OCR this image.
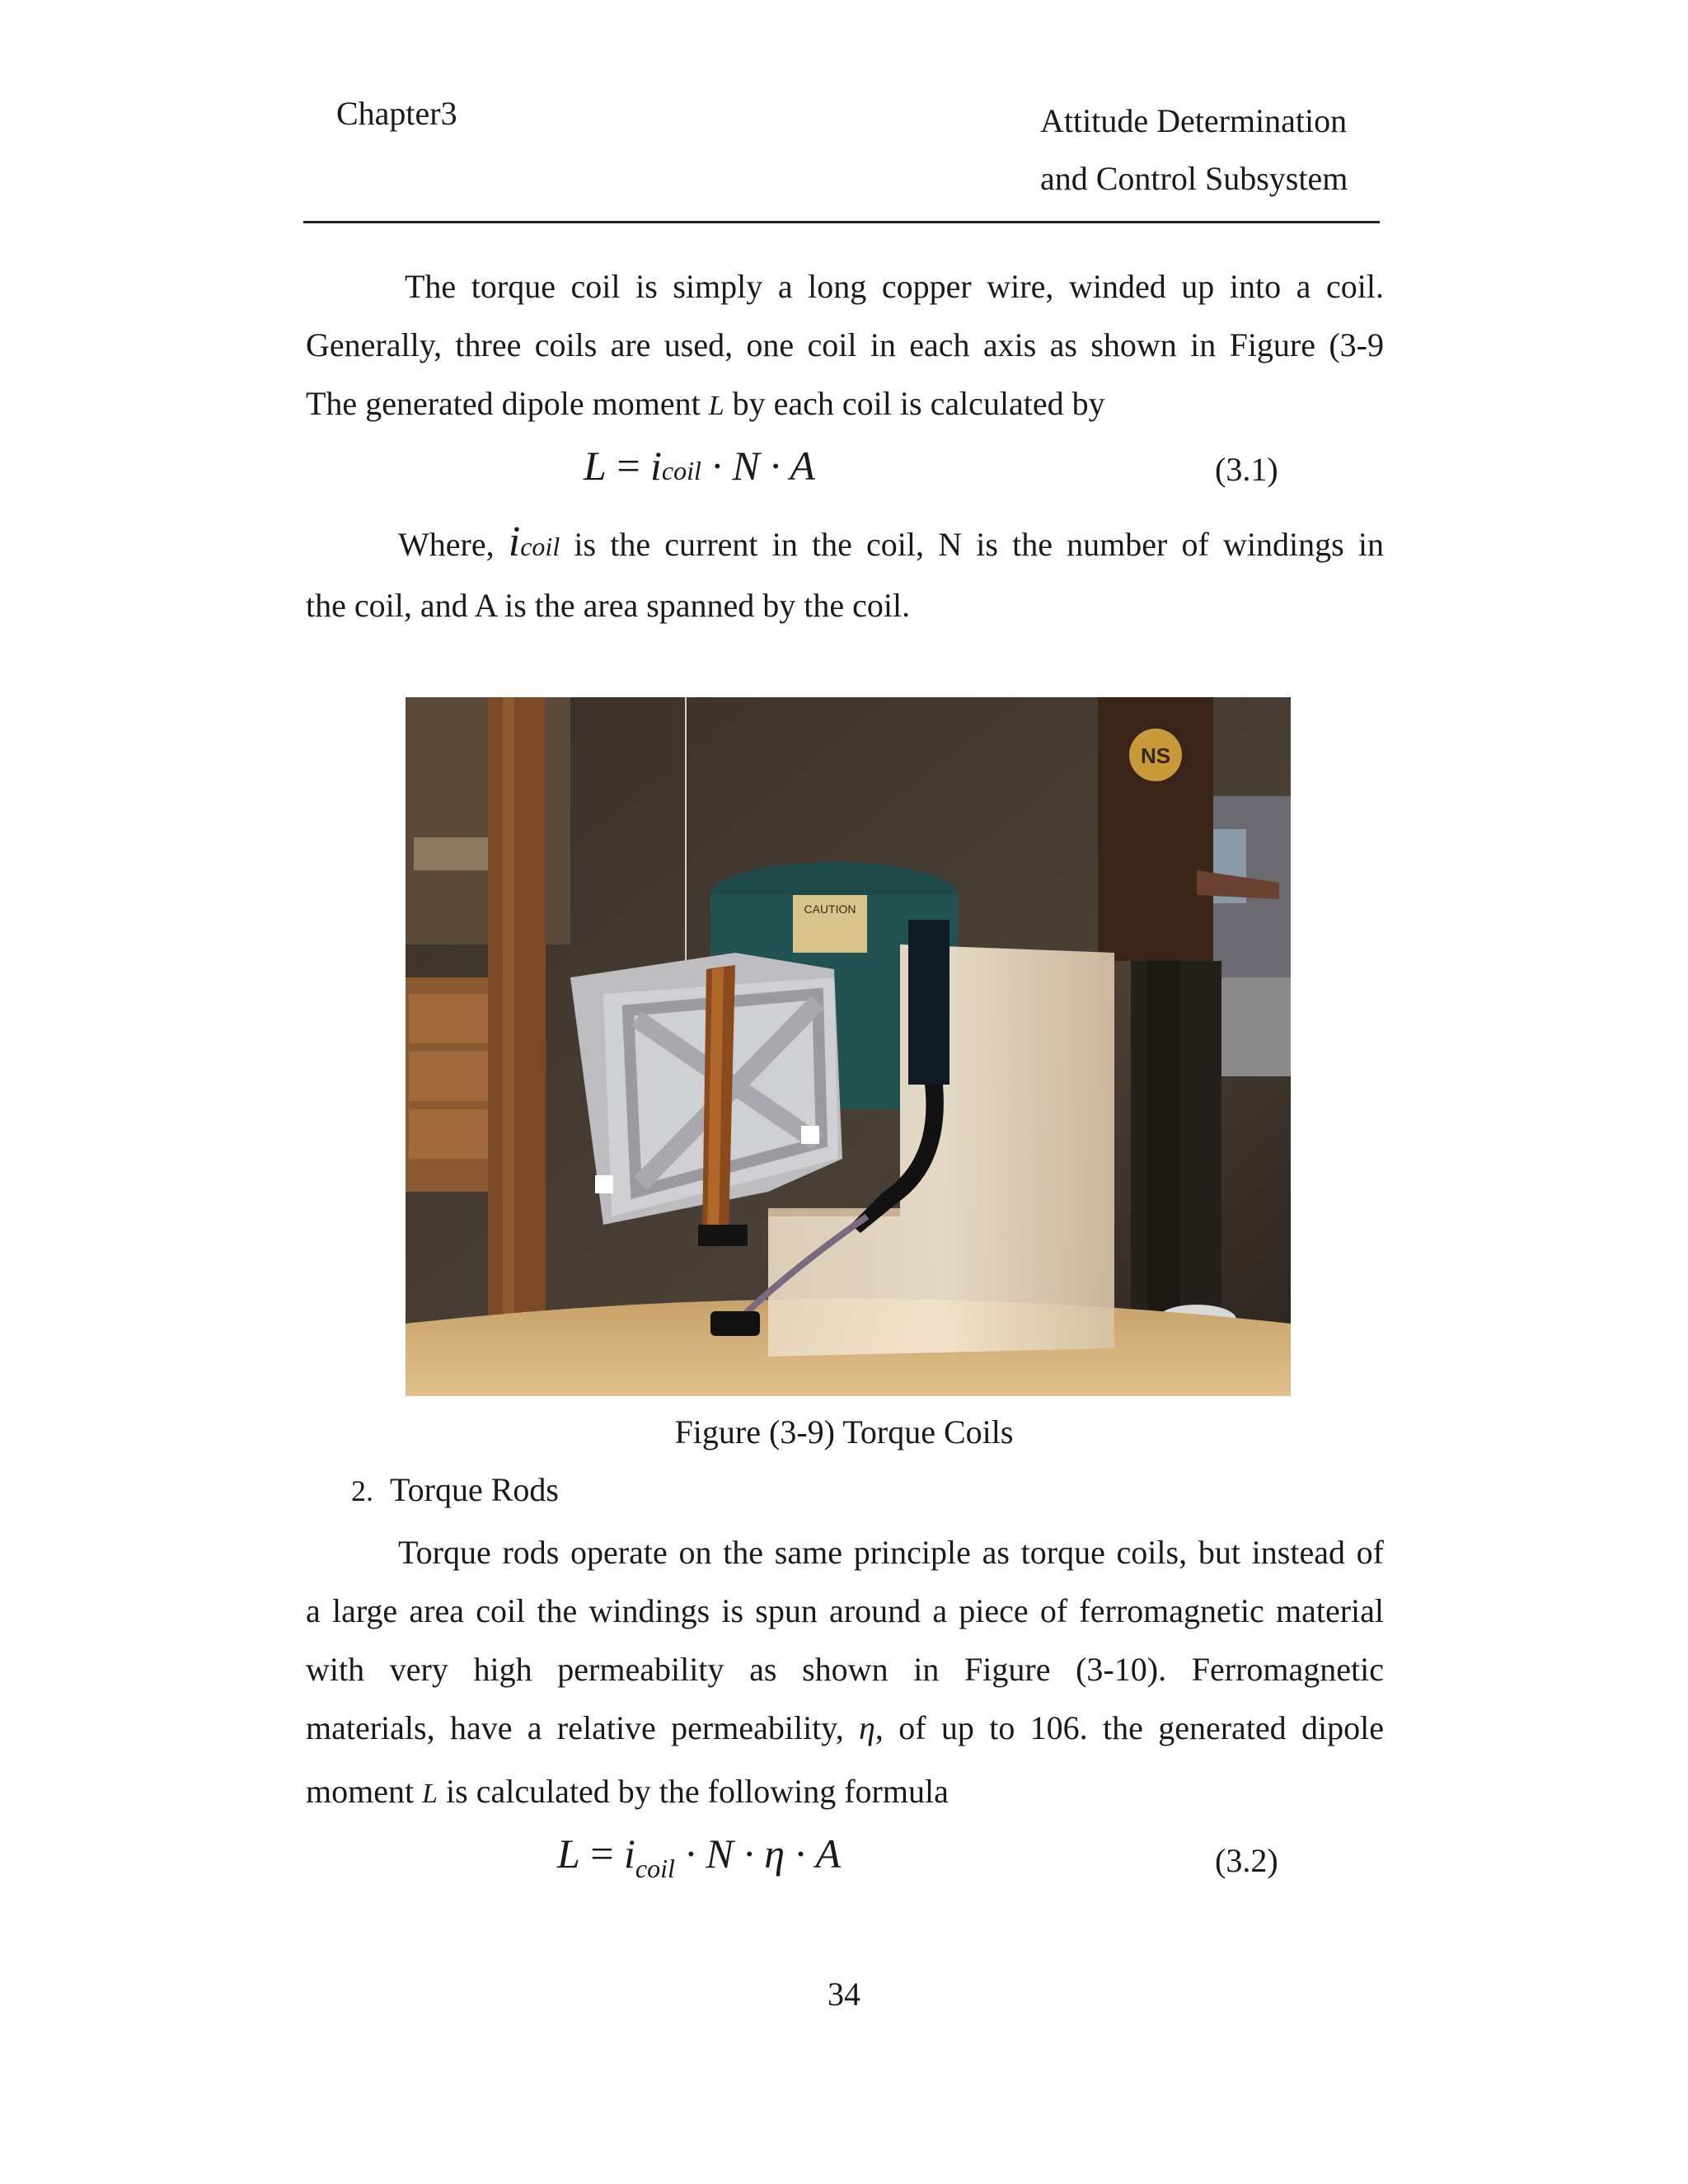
Chapter3	Attitude Determination
and Control Subsystem
The torque coil is simply a long copper wire, winded up into a coil.
Generally, three coils are used, one coil in each axis as shown in Figure (3-9
The generated dipole moment L by each coil is calculated by
L = icoil · N · A	(3.1)
Where, icoil is the current in the coil, N is the number of windings in
the coil, and A is the area spanned by the coil.
CAUTION
NS
Figure (3-9) Torque Coils
2. Torque Rods
Torque rods operate on the same principle as torque coils, but instead of
a large area coil the windings is spun around a piece of ferromagnetic material
with very high permeability as shown in Figure (3-10). Ferromagnetic
materials, have a relative permeability, η, of up to 106. the generated dipole
moment L is calculated by the following formula
$L = i_{coil} \cdot N \cdot \eta \cdot A$	(3.2)
34
